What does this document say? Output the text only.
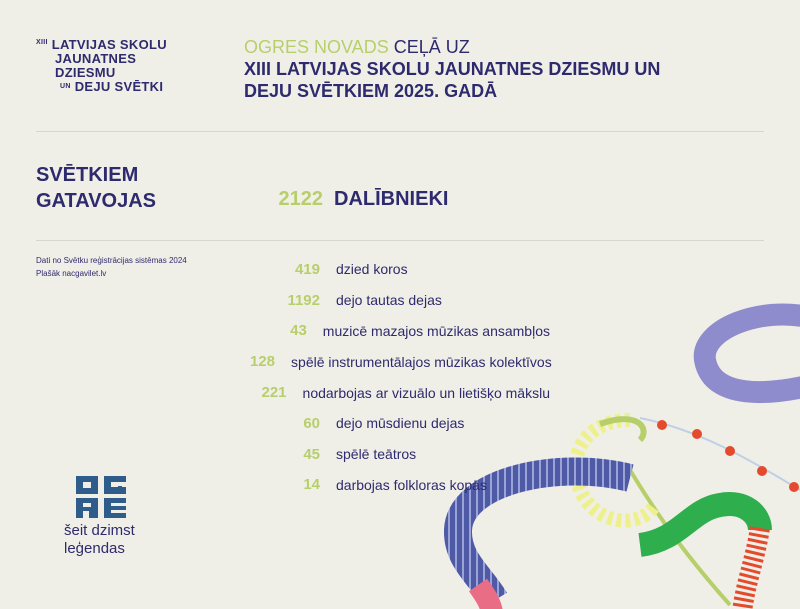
XIII LATVIJAS SKOLU
JAUNATNES
DZIESMU
UN DEJU SVĒTKI
OGRES NOVADS CEĻĀ UZ
XIII LATVIJAS SKOLU JAUNATNES DZIESMU UN
DEJU SVĒTKIEM 2025. GADĀ
SVĒTKIEM
GATAVOJAS	2122 DALĪBNIEKI
Dati no Svētku reģistrācijas sistēmas 2024
Plašāk nacgavilet.lv	419 dzied koros
1192 dejo tautas dejas
43 muzicē mazajos mūzikas ansambļos
128 spēlē instrumentālajos mūzikas kolektīvos
221 nodarbojas ar vizuālo un lietišķo mākslu
60 dejo mūsdienu dejas
45 spēlē teātros
14 darbojas folkloras kopās
OGRE
šeit dzimst
leģendas
